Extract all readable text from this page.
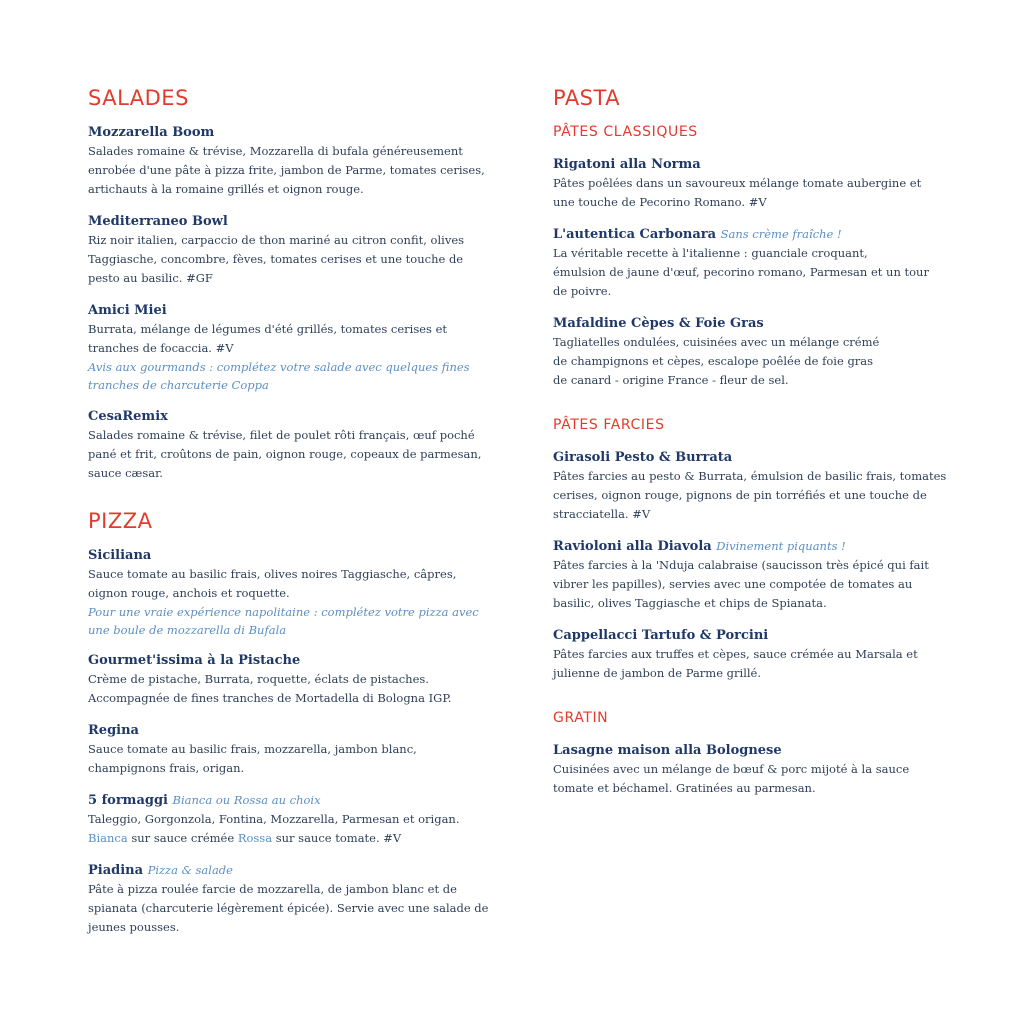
SALADES
Mozzarella Boom
Salades romaine & trévise, Mozzarella di bufala généreusement
enrobée d'une pâte à pizza frite, jambon de Parme, tomates cerises,
artichauts à la romaine grillés et oignon rouge.
Mediterraneo Bowl
Riz noir italien, carpaccio de thon mariné au citron confit, olives
Taggiasche, concombre, fèves, tomates cerises et une touche de
pesto au basilic. #GF
Amici Miei
Burrata, mélange de légumes d'été grillés, tomates cerises et
tranches de focaccia. #V
Avis aux gourmands : complétez votre salade avec quelques fines
tranches de charcuterie Coppa
CesaRemix
Salades romaine & trévise, filet de poulet rôti français, œuf poché
pané et frit, croûtons de pain, oignon rouge, copeaux de parmesan,
sauce cæsar.
PIZZA
Siciliana
Sauce tomate au basilic frais, olives noires Taggiasche, câpres,
oignon rouge, anchois et roquette.
Pour une vraie expérience napolitaine : complétez votre pizza avec
une boule de mozzarella di Bufala
Gourmet'issima à la Pistache
Crème de pistache, Burrata, roquette, éclats de pistaches.
Accompagnée de fines tranches de Mortadella di Bologna IGP.
Regina
Sauce tomate au basilic frais, mozzarella, jambon blanc,
champignons frais, origan.
5 formaggi Bianca ou Rossa au choix
Taleggio, Gorgonzola, Fontina, Mozzarella, Parmesan et origan.
Bianca sur sauce crémée Rossa sur sauce tomate. #V
Piadina Pizza & salade
Pâte à pizza roulée farcie de mozzarella, de jambon blanc et de
spianata (charcuterie légèrement épicée). Servie avec une salade de
jeunes pousses.
PASTA
PÂTES CLASSIQUES
Rigatoni alla Norma
Pâtes poêlées dans un savoureux mélange tomate aubergine et
une touche de Pecorino Romano. #V
L'autentica Carbonara Sans crème fraîche !
La véritable recette à l'italienne : guanciale croquant,
émulsion de jaune d'œuf, pecorino romano, Parmesan et un tour
de poivre.
Mafaldine Cèpes & Foie Gras
Tagliatelles ondulées, cuisinées avec un mélange crémé
de champignons et cèpes, escalope poêlée de foie gras
de canard - origine France - fleur de sel.
PÂTES FARCIES
Girasoli Pesto & Burrata
Pâtes farcies au pesto & Burrata, émulsion de basilic frais, tomates
cerises, oignon rouge, pignons de pin torréfiés et une touche de
stracciatella. #V
Ravioloni alla Diavola Divinement piquants !
Pâtes farcies à la 'Nduja calabraise (saucisson très épicé qui fait
vibrer les papilles), servies avec une compotée de tomates au
basilic, olives Taggiasche et chips de Spianata.
Cappellacci Tartufo & Porcini
Pâtes farcies aux truffes et cèpes, sauce crémée au Marsala et
julienne de jambon de Parme grillé.
GRATIN
Lasagne maison alla Bolognese
Cuisinées avec un mélange de bœuf & porc mijoté à la sauce
tomate et béchamel. Gratinées au parmesan.
